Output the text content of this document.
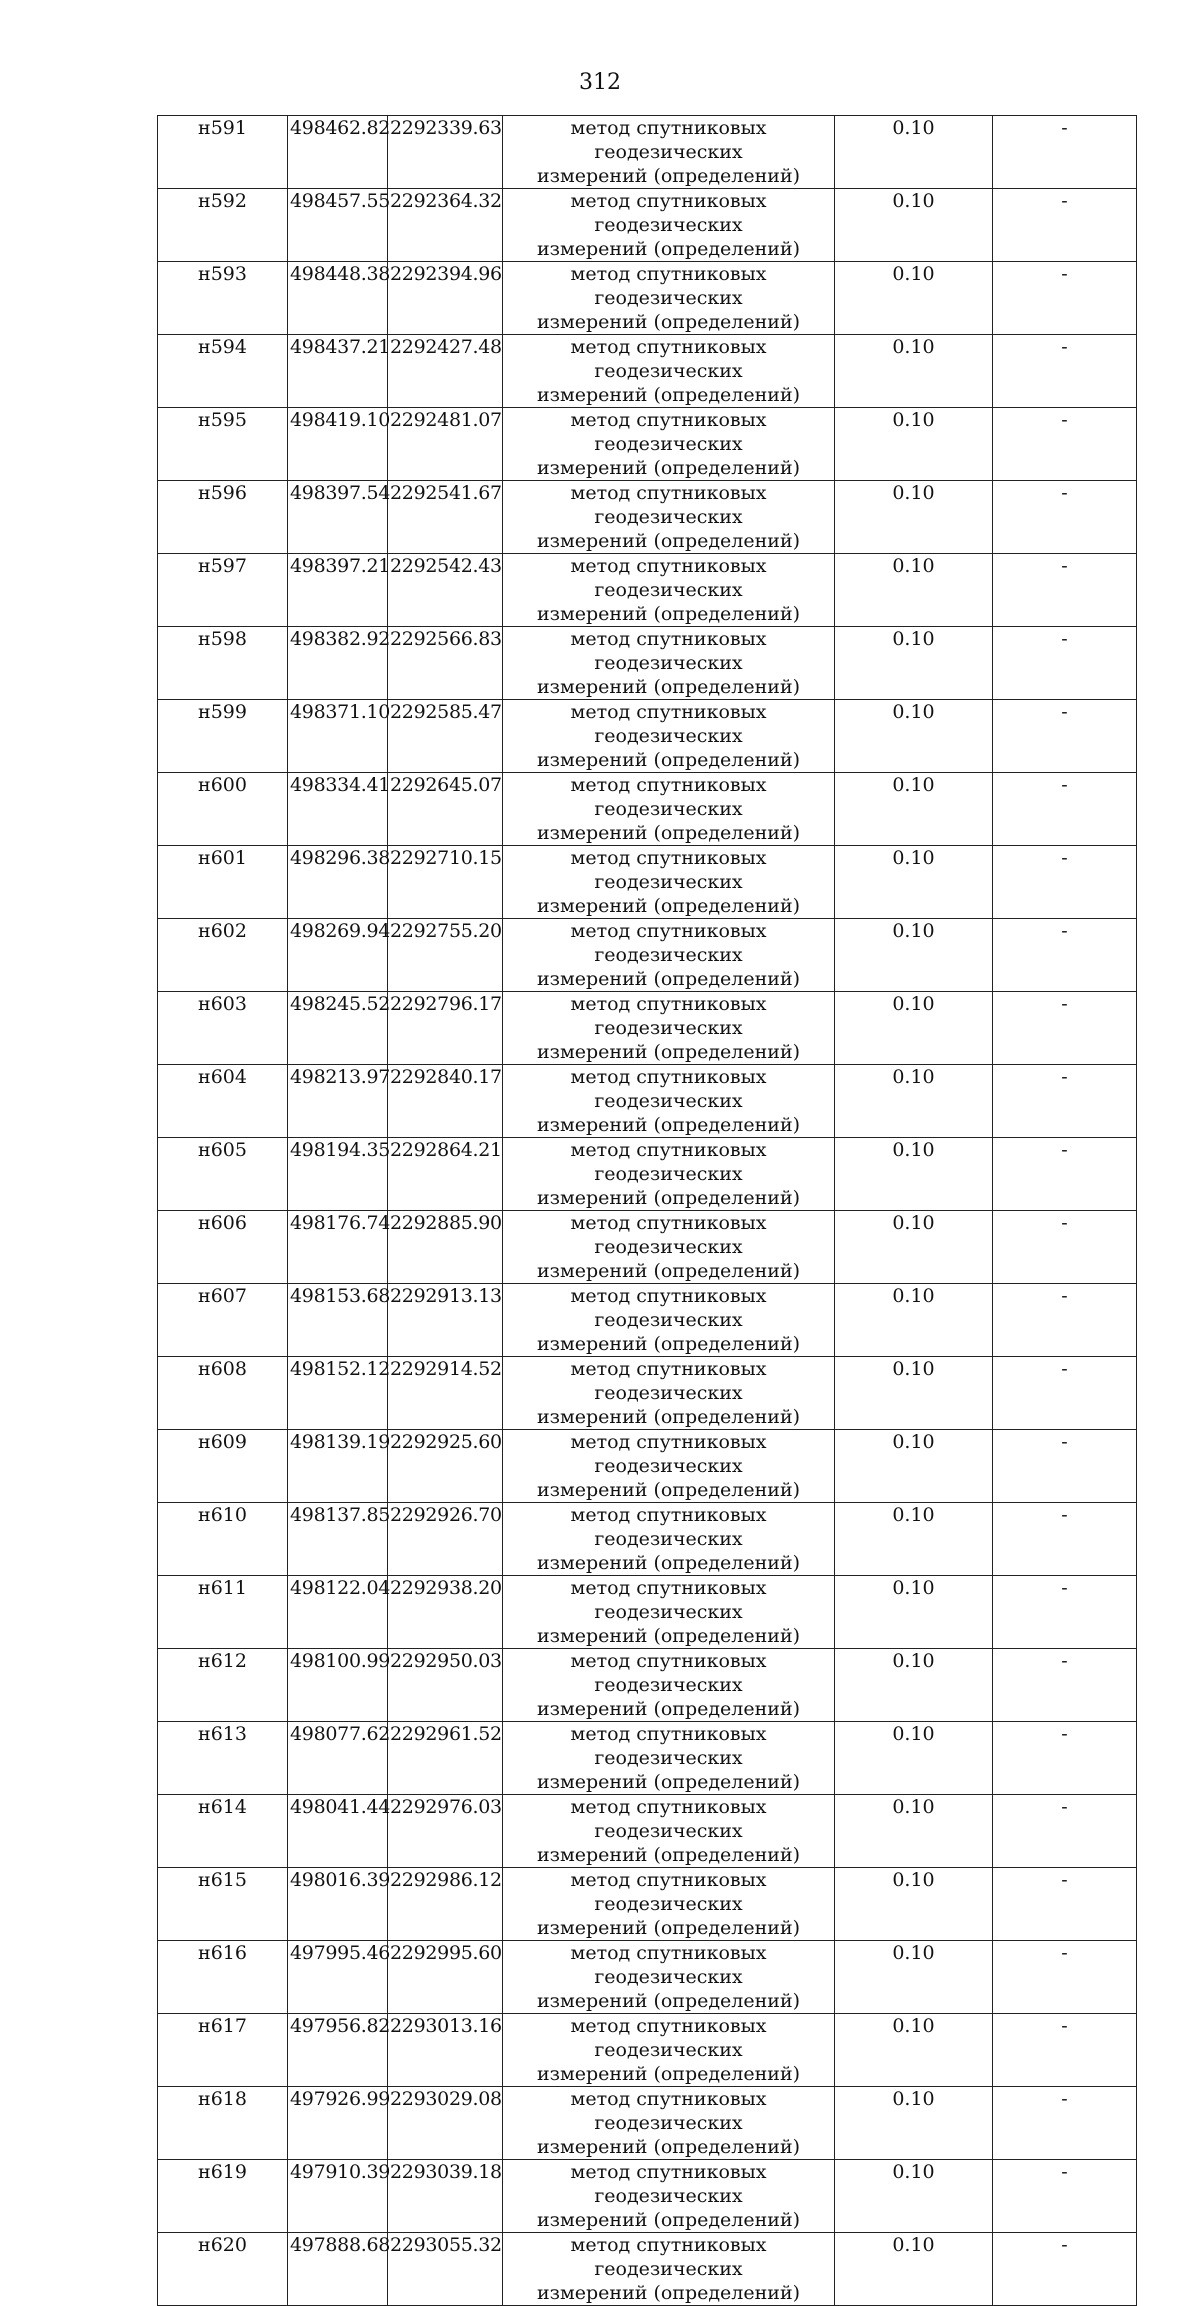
312
н591	498462.82	2292339.63	метод спутниковых геодезических
измерений (определений)	0.10	-
н592	498457.55	2292364.32	метод спутниковых геодезических
измерений (определений)	0.10	-
н593	498448.38	2292394.96	метод спутниковых геодезических
измерений (определений)	0.10	-
н594	498437.21	2292427.48	метод спутниковых геодезических
измерений (определений)	0.10	-
н595	498419.10	2292481.07	метод спутниковых геодезических
измерений (определений)	0.10	-
н596	498397.54	2292541.67	метод спутниковых геодезических
измерений (определений)	0.10	-
н597	498397.21	2292542.43	метод спутниковых геодезических
измерений (определений)	0.10	-
н598	498382.92	2292566.83	метод спутниковых геодезических
измерений (определений)	0.10	-
н599	498371.10	2292585.47	метод спутниковых геодезических
измерений (определений)	0.10	-
н600	498334.41	2292645.07	метод спутниковых геодезических
измерений (определений)	0.10	-
н601	498296.38	2292710.15	метод спутниковых геодезических
измерений (определений)	0.10	-
н602	498269.94	2292755.20	метод спутниковых геодезических
измерений (определений)	0.10	-
н603	498245.52	2292796.17	метод спутниковых геодезических
измерений (определений)	0.10	-
н604	498213.97	2292840.17	метод спутниковых геодезических
измерений (определений)	0.10	-
н605	498194.35	2292864.21	метод спутниковых геодезических
измерений (определений)	0.10	-
н606	498176.74	2292885.90	метод спутниковых геодезических
измерений (определений)	0.10	-
н607	498153.68	2292913.13	метод спутниковых геодезических
измерений (определений)	0.10	-
н608	498152.12	2292914.52	метод спутниковых геодезических
измерений (определений)	0.10	-
н609	498139.19	2292925.60	метод спутниковых геодезических
измерений (определений)	0.10	-
н610	498137.85	2292926.70	метод спутниковых геодезических
измерений (определений)	0.10	-
н611	498122.04	2292938.20	метод спутниковых геодезических
измерений (определений)	0.10	-
н612	498100.99	2292950.03	метод спутниковых геодезических
измерений (определений)	0.10	-
н613	498077.62	2292961.52	метод спутниковых геодезических
измерений (определений)	0.10	-
н614	498041.44	2292976.03	метод спутниковых геодезических
измерений (определений)	0.10	-
н615	498016.39	2292986.12	метод спутниковых геодезических
измерений (определений)	0.10	-
н616	497995.46	2292995.60	метод спутниковых геодезических
измерений (определений)	0.10	-
н617	497956.82	2293013.16	метод спутниковых геодезических
измерений (определений)	0.10	-
н618	497926.99	2293029.08	метод спутниковых геодезических
измерений (определений)	0.10	-
н619	497910.39	2293039.18	метод спутниковых геодезических
измерений (определений)	0.10	-
н620	497888.68	2293055.32	метод спутниковых геодезических
измерений (определений)	0.10	-
